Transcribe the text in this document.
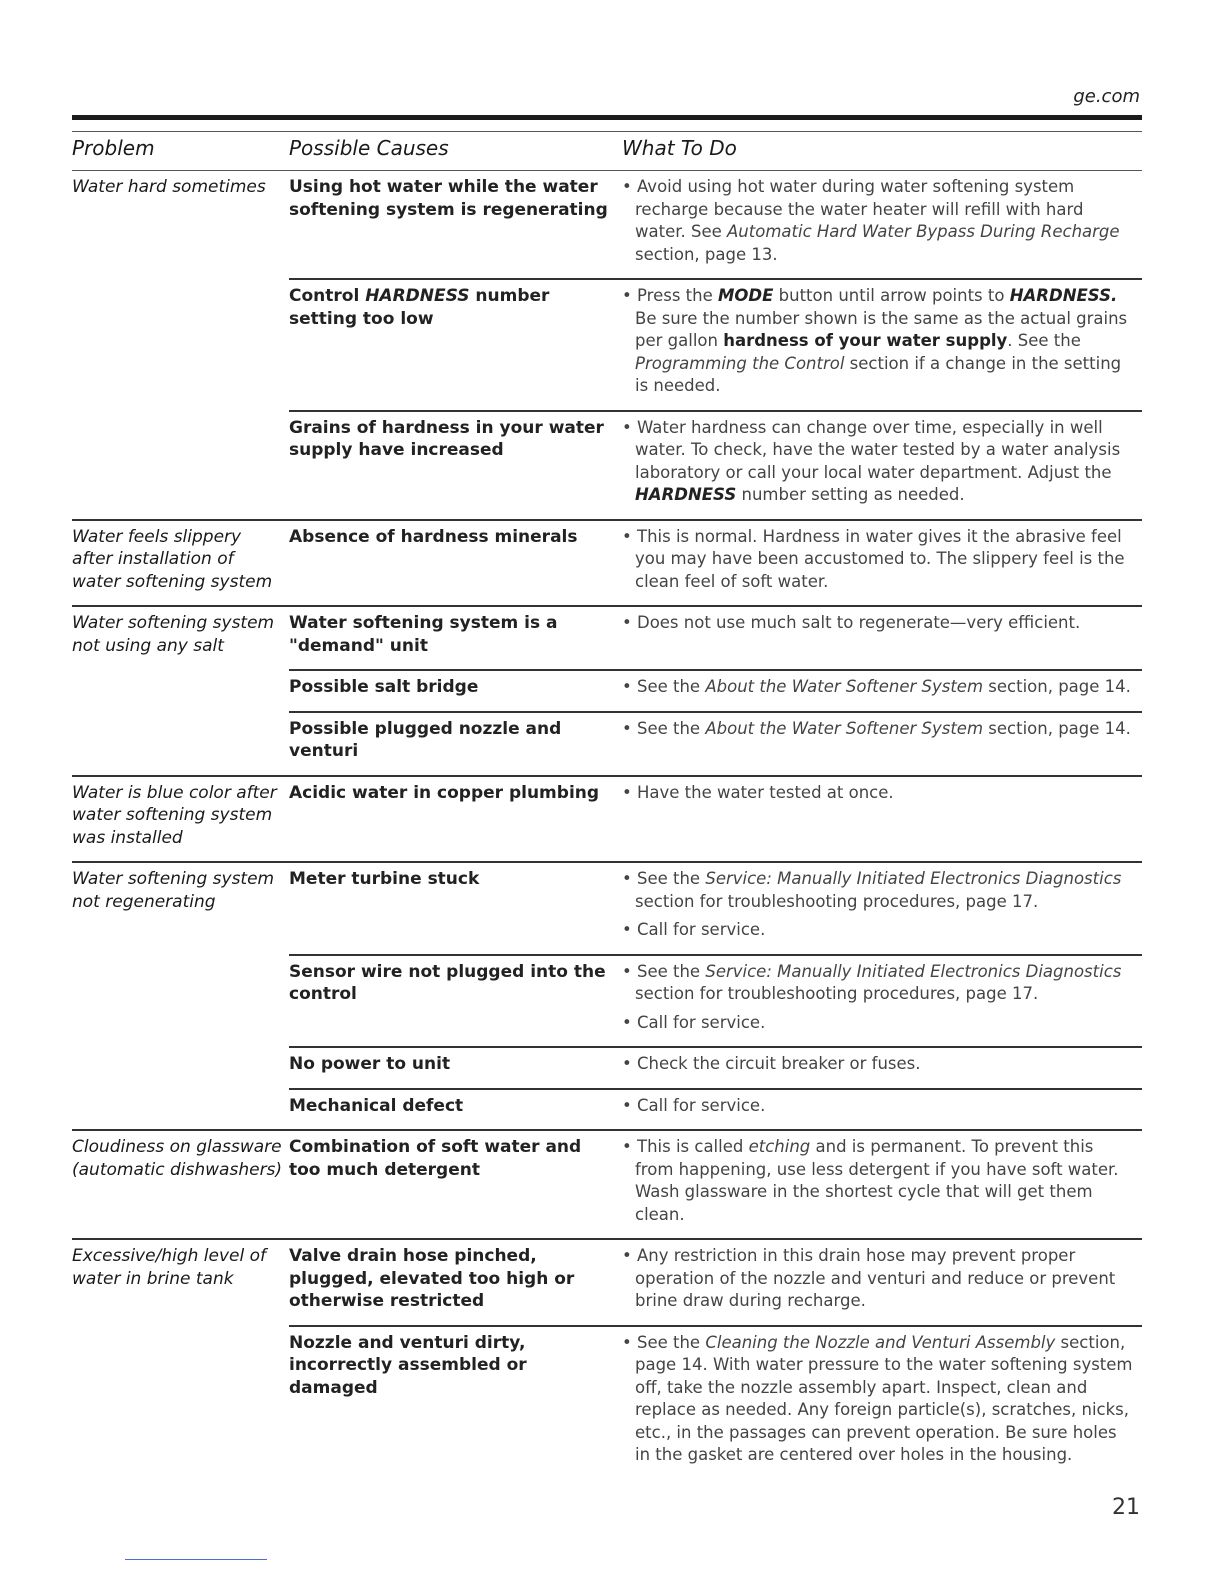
ge.com
Problem	Possible Causes	What To Do
Water hard sometimes	Using hot water while the water softening system is regenerating	• Avoid using hot water during water softening system recharge because the water heater will refill with hard water. See Automatic Hard Water Bypass During Recharge section, page 13.

	Control HARDNESS number setting too low	• Press the MODE button until arrow points to HARDNESS. Be sure the number shown is the same as the actual grains per gallon hardness of your water supply. See the Programming the Control section if a change in the setting is needed.

	Grains of hardness in your water supply have increased	• Water hardness can change over time, especially in well water. To check, have the water tested by a water analysis laboratory or call your local water department. Adjust the HARDNESS number setting as needed.

Water feels slippery after installation of water softening system	Absence of hardness minerals	• This is normal. Hardness in water gives it the abrasive feel you may have been accustomed to. The slippery feel is the clean feel of soft water.

Water softening system not using any salt	Water softening system is a "demand" unit	• Does not use much salt to regenerate—very efficient.

	Possible salt bridge	• See the About the Water Softener System section, page 14.

	Possible plugged nozzle and venturi	• See the About the Water Softener System section, page 14.

Water is blue color after water softening system was installed	Acidic water in copper plumbing	• Have the water tested at once.

Water softening system not regenerating	Meter turbine stuck	• See the Service: Manually Initiated Electronics Diagnostics section for troubleshooting procedures, page 17.
• Call for service.

	Sensor wire not plugged into the control	• See the Service: Manually Initiated Electronics Diagnostics section for troubleshooting procedures, page 17.
• Call for service.

	No power to unit	• Check the circuit breaker or fuses.

	Mechanical defect	• Call for service.

Cloudiness on glassware (automatic dishwashers)	Combination of soft water and too much detergent	• This is called etching and is permanent. To prevent this from happening, use less detergent if you have soft water. Wash glassware in the shortest cycle that will get them clean.

Excessive/high level of water in brine tank	Valve drain hose pinched, plugged, elevated too high or otherwise restricted	• Any restriction in this drain hose may prevent proper operation of the nozzle and venturi and reduce or prevent brine draw during recharge.

	Nozzle and venturi dirty, incorrectly assembled or damaged	• See the Cleaning the Nozzle and Venturi Assembly section, page 14. With water pressure to the water softening system off, take the nozzle assembly apart. Inspect, clean and replace as needed. Any foreign particle(s), scratches, nicks, etc., in the passages can prevent operation. Be sure holes in the gasket are centered over holes in the housing.
21
